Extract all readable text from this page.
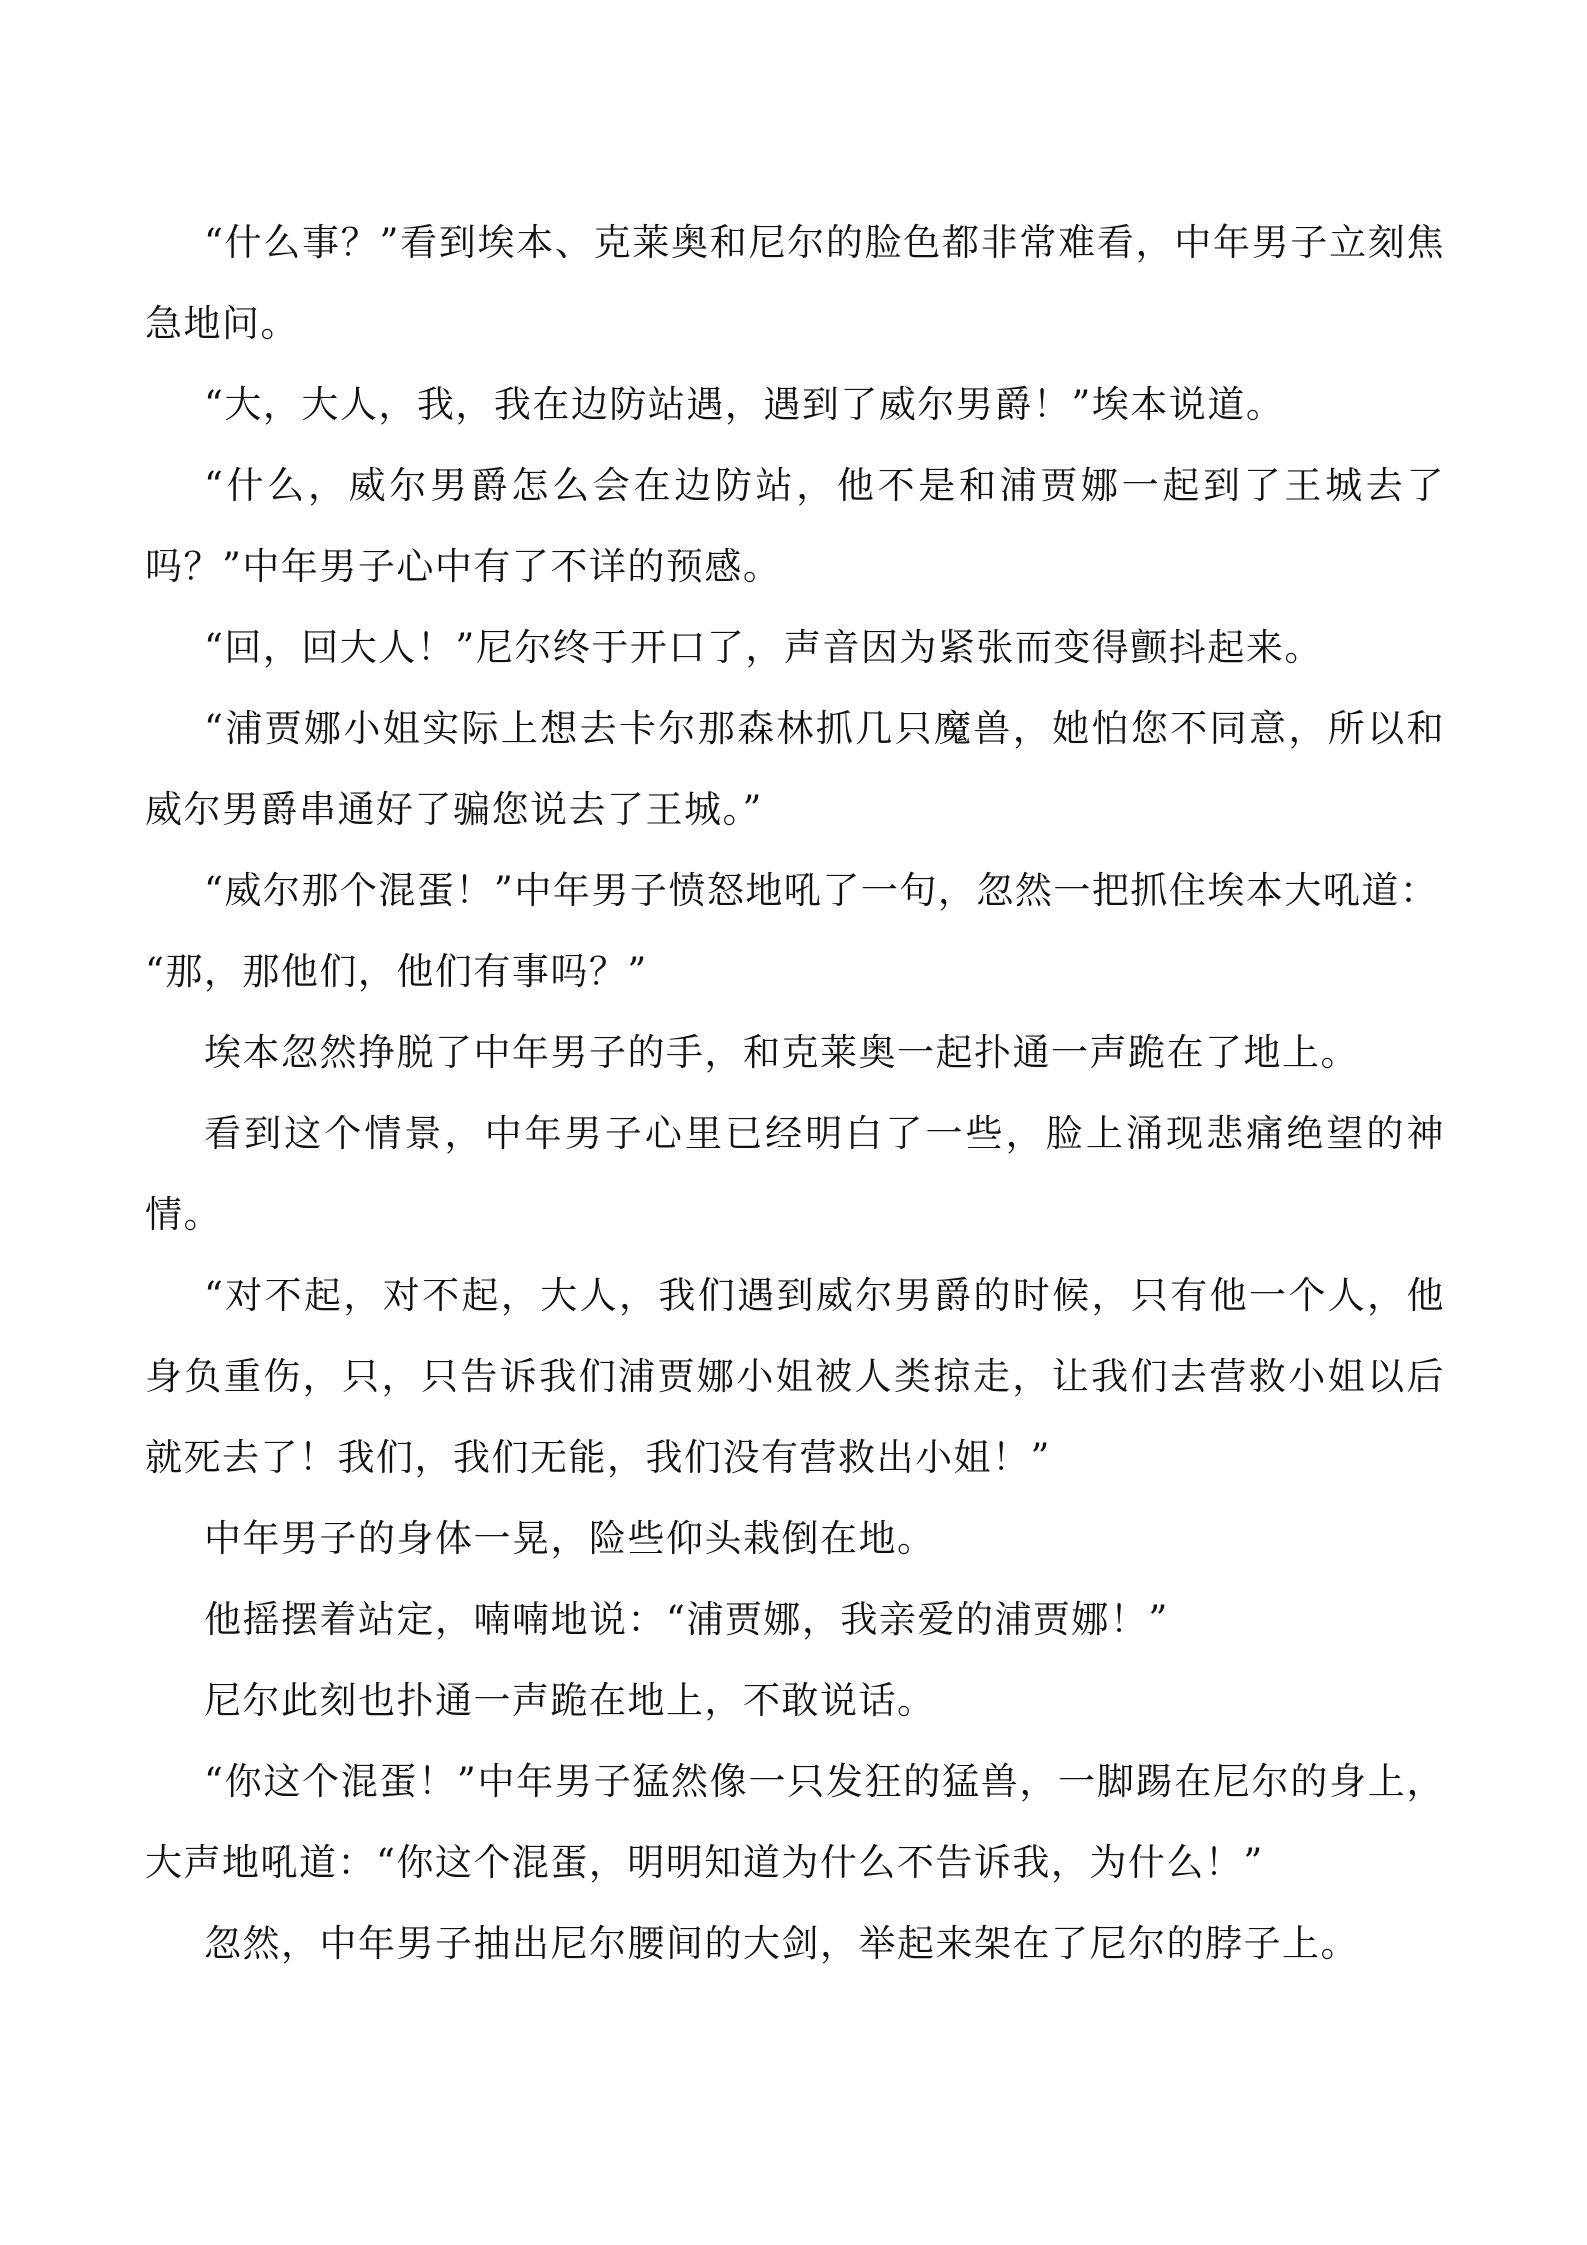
“什么事？”看到埃本、克莱奥和尼尔的脸色都非常难看，中年男子立刻焦急地问。

“大，大人，我，我在边防站遇，遇到了威尔男爵！”埃本说道。

“什么，威尔男爵怎么会在边防站，他不是和浦贾娜一起到了王城去了吗？”中年男子心中有了不详的预感。

“回，回大人！”尼尔终于开口了，声音因为紧张而变得颤抖起来。

“浦贾娜小姐实际上想去卡尔那森林抓几只魔兽，她怕您不同意，所以和威尔男爵串通好了骗您说去了王城。”

“威尔那个混蛋！”中年男子愤怒地吼了一句，忽然一把抓住埃本大吼道：

“那，那他们，他们有事吗？”

埃本忽然挣脱了中年男子的手，和克莱奥一起扑通一声跪在了地上。

看到这个情景，中年男子心里已经明白了一些，脸上涌现悲痛绝望的神情。

“对不起，对不起，大人，我们遇到威尔男爵的时候，只有他一个人，他身负重伤，只，只告诉我们浦贾娜小姐被人类掠走，让我们去营救小姐以后就死去了！我们，我们无能，我们没有营救出小姐！”

中年男子的身体一晃，险些仰头栽倒在地。

他摇摆着站定，喃喃地说：“浦贾娜，我亲爱的浦贾娜！”

尼尔此刻也扑通一声跪在地上，不敢说话。

“你这个混蛋！”中年男子猛然像一只发狂的猛兽，一脚踢在尼尔的身上，大声地吼道：“你这个混蛋，明明知道为什么不告诉我，为什么！”

忽然，中年男子抽出尼尔腰间的大剑，举起来架在了尼尔的脖子上。
